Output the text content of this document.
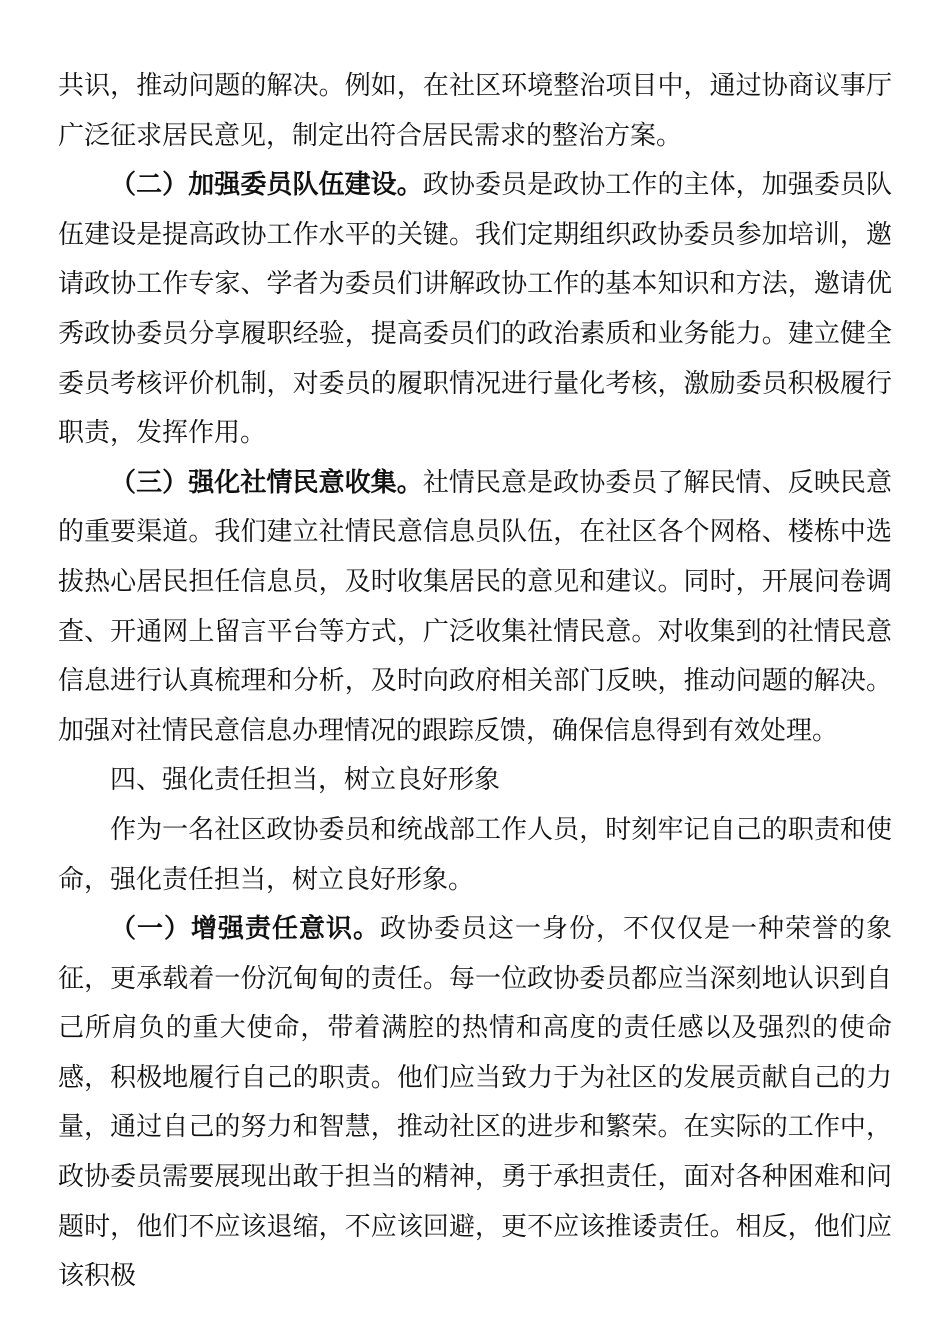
共识，推动问题的解决。例如，在社区环境整治项目中，通过协商议事厅广泛征求居民意见，制定出符合居民需求的整治方案。

（二）加强委员队伍建设。政协委员是政协工作的主体，加强委员队伍建设是提高政协工作水平的关键。我们定期组织政协委员参加培训，邀请政协工作专家、学者为委员们讲解政协工作的基本知识和方法，邀请优秀政协委员分享履职经验，提高委员们的政治素质和业务能力。建立健全委员考核评价机制，对委员的履职情况进行量化考核，激励委员积极履行职责，发挥作用。

（三）强化社情民意收集。社情民意是政协委员了解民情、反映民意的重要渠道。我们建立社情民意信息员队伍，在社区各个网格、楼栋中选拔热心居民担任信息员，及时收集居民的意见和建议。同时，开展问卷调查、开通网上留言平台等方式，广泛收集社情民意。对收集到的社情民意信息进行认真梳理和分析，及时向政府相关部门反映，推动问题的解决。加强对社情民意信息办理情况的跟踪反馈，确保信息得到有效处理。

四、强化责任担当，树立良好形象

作为一名社区政协委员和统战部工作人员，时刻牢记自己的职责和使命，强化责任担当，树立良好形象。

（一）增强责任意识。政协委员这一身份，不仅仅是一种荣誉的象征，更承载着一份沉甸甸的责任。每一位政协委员都应当深刻地认识到自己所肩负的重大使命，带着满腔的热情和高度的责任感以及强烈的使命感，积极地履行自己的职责。他们应当致力于为社区的发展贡献自己的力量，通过自己的努力和智慧，推动社区的进步和繁荣。在实际的工作中，政协委员需要展现出敢于担当的精神，勇于承担责任，面对各种困难和问题时，他们不应该退缩，不应该回避，更不应该推诿责任。相反，他们应该积极
